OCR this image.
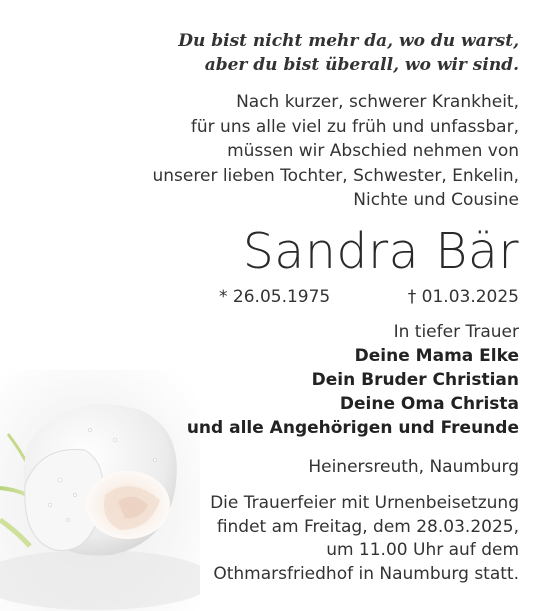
Du bist nicht mehr da, wo du warst,
aber du bist überall, wo wir sind.
Nach kurzer, schwerer Krankheit,
für uns alle viel zu früh und unfassbar,
müssen wir Abschied nehmen von
unserer lieben Tochter, Schwester, Enkelin,
Nichte und Cousine
Sandra Bär
* 26.05.1975	† 01.03.2025
In tiefer Trauer
Deine Mama Elke
Dein Bruder Christian
Deine Oma Christa
und alle Angehörigen und Freunde
Heinersreuth, Naumburg
Die Trauerfeier mit Urnenbeisetzung
findet am Freitag, dem 28.03.2025,
um 11.00 Uhr auf dem
Othmarsfriedhof in Naumburg statt.
